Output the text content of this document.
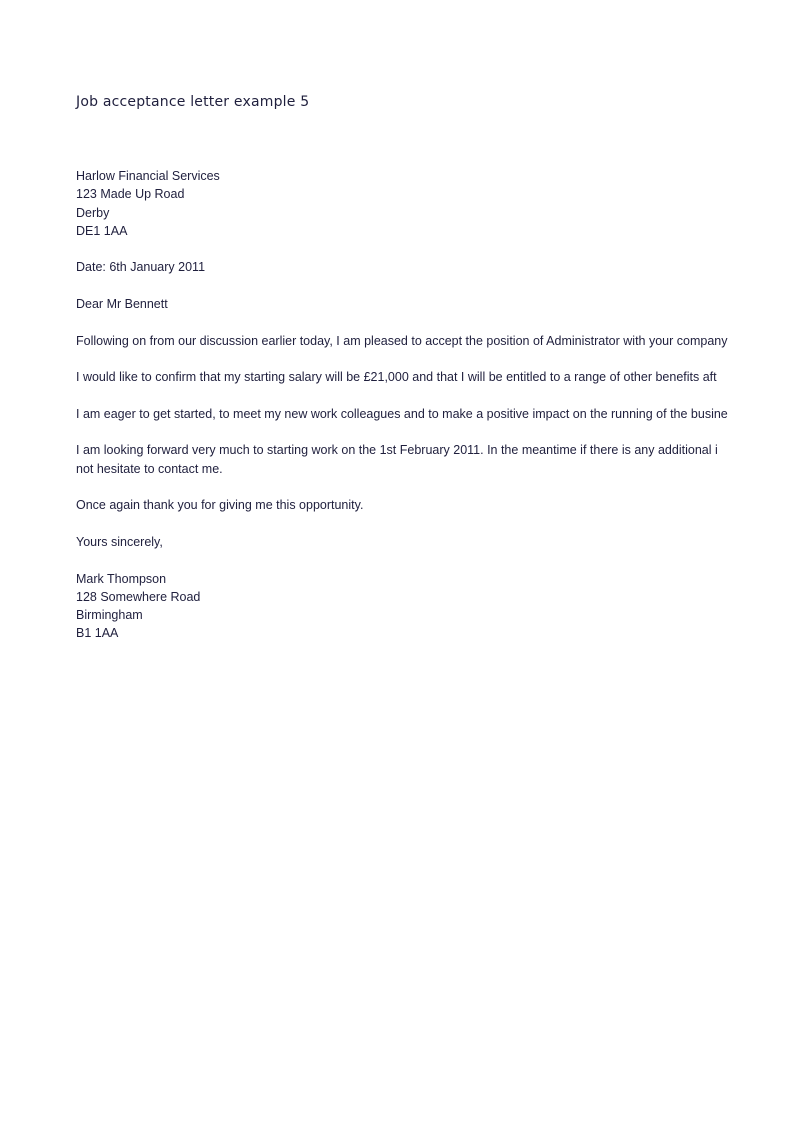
Job acceptance letter example 5
Harlow Financial Services
123 Made Up Road
Derby
DE1 1AA
Date: 6th January 2011
Dear Mr Bennett
Following on from our discussion earlier today, I am pleased to accept the position of Administrator with your company
I would like to confirm that my starting salary will be £21,000 and that I will be entitled to a range of other benefits aft
I am eager to get started, to meet my new work colleagues and to make a positive impact on the running of the busine
I am looking forward very much to starting work on the 1st February 2011. In the meantime if there is any additional i
not hesitate to contact me.
Once again thank you for giving me this opportunity.
Yours sincerely,
Mark Thompson
128 Somewhere Road
Birmingham
B1 1AA
